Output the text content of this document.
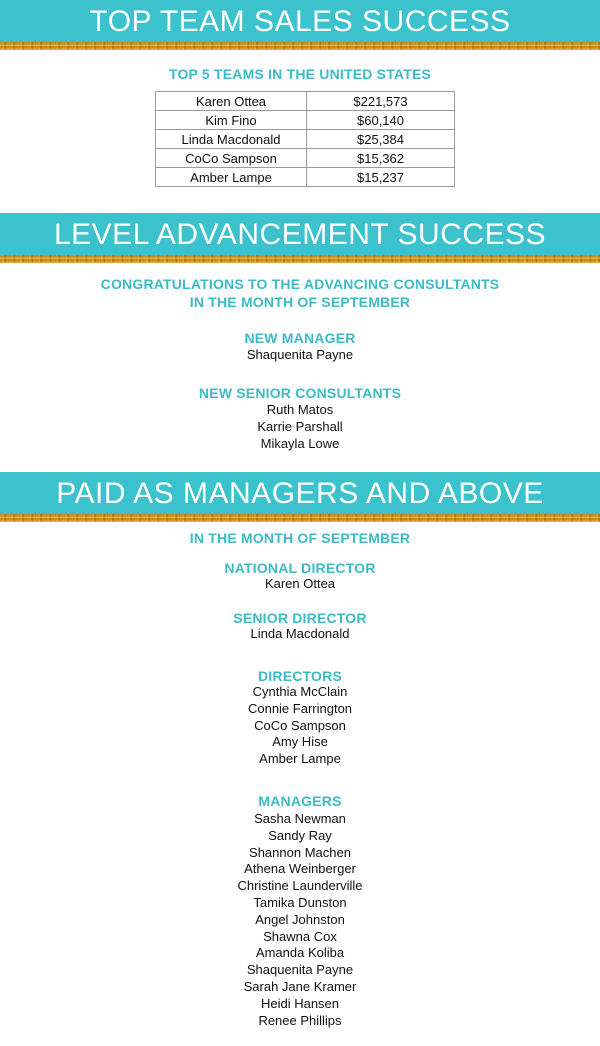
TOP TEAM SALES SUCCESS
TOP 5 TEAMS IN THE UNITED STATES
Karen Ottea	$221,573
Kim Fino	$60,140
Linda Macdonald	$25,384
CoCo Sampson	$15,362
Amber Lampe	$15,237
LEVEL ADVANCEMENT SUCCESS
CONGRATULATIONS TO THE ADVANCING CONSULTANTS
IN THE MONTH OF SEPTEMBER
NEW MANAGER
Shaquenita Payne
NEW SENIOR CONSULTANTS
Ruth Matos
Karrie Parshall
Mikayla Lowe
PAID AS MANAGERS AND ABOVE
IN THE MONTH OF SEPTEMBER
NATIONAL DIRECTOR
Karen Ottea
SENIOR DIRECTOR
Linda Macdonald
DIRECTORS
Cynthia McClain
Connie Farrington
CoCo Sampson
Amy Hise
Amber Lampe
MANAGERS
Sasha Newman
Sandy Ray
Shannon Machen
Athena Weinberger
Christine Launderville
Tamika Dunston
Angel Johnston
Shawna Cox
Amanda Koliba
Shaquenita Payne
Sarah Jane Kramer
Heidi Hansen
Renee Phillips
